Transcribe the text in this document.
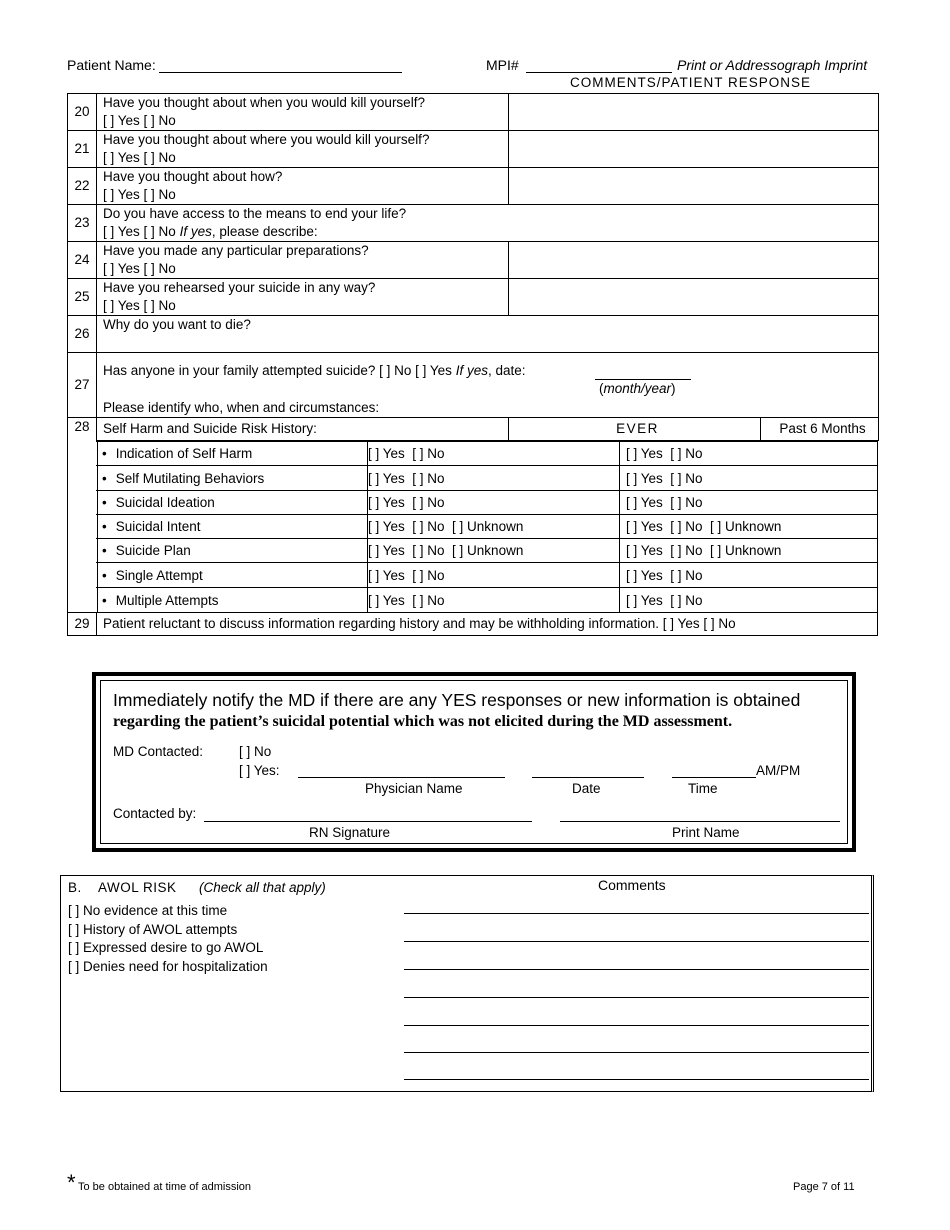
Patient Name:	MPI#	Print or Addressograph Imprint
COMMENTS/PATIENT RESPONSE
20	Have you thought about when you would kill yourself?
[ ] Yes [ ] No		

21	Have you thought about where you would kill yourself?
[ ] Yes [ ] No		

22	Have you thought about how?
[ ] Yes [ ] No		

23	Do you have access to the means to end your life?
[ ] Yes [ ] No If yes, please describe:		

24	Have you made any particular preparations?
[ ] Yes [ ] No		

25	Have you rehearsed your suicide in any way?
[ ] Yes [ ] No		

26	Why do you want to die?		

27	Has anyone in your family attempted suicide? [ ] No [ ] Yes If yes, date:
(month/year)
Please identify who, when and circumstances:		

28	Self Harm and Suicide Risk History:	EVER	Past 6 Months
• Indication of Self Harm	[ ] Yes  [ ] No	[ ] Yes  [ ] No
• Self Mutilating Behaviors	[ ] Yes  [ ] No	[ ] Yes  [ ] No
• Suicidal Ideation	[ ] Yes  [ ] No	[ ] Yes  [ ] No
• Suicidal Intent	[ ] Yes  [ ] No  [ ] Unknown	[ ] Yes  [ ] No  [ ] Unknown
• Suicide Plan	[ ] Yes  [ ] No  [ ] Unknown	[ ] Yes  [ ] No  [ ] Unknown
• Single Attempt	[ ] Yes  [ ] No	[ ] Yes  [ ] No
• Multiple Attempts	[ ] Yes  [ ] No	[ ] Yes  [ ] No
29 Patient reluctant to discuss information regarding history and may be withholding information. [ ] Yes [ ] No
Immediately notify the MD if there are any YES responses or new information is obtained
regarding the patient’s suicidal potential which was not elicited during the MD assessment.
MD Contacted:	[ ] No
[ ] Yes:	AM/PM
Physician Name	Date	Time
Contacted by:
RN Signature	Print Name
B.    AWOL RISK (Check all that apply)	Comments
[ ] No evidence at this time
[ ] History of AWOL attempts
[ ] Expressed desire to go AWOL
[ ] Denies need for hospitalization
* To be obtained at time of admission	Page 7 of 11
